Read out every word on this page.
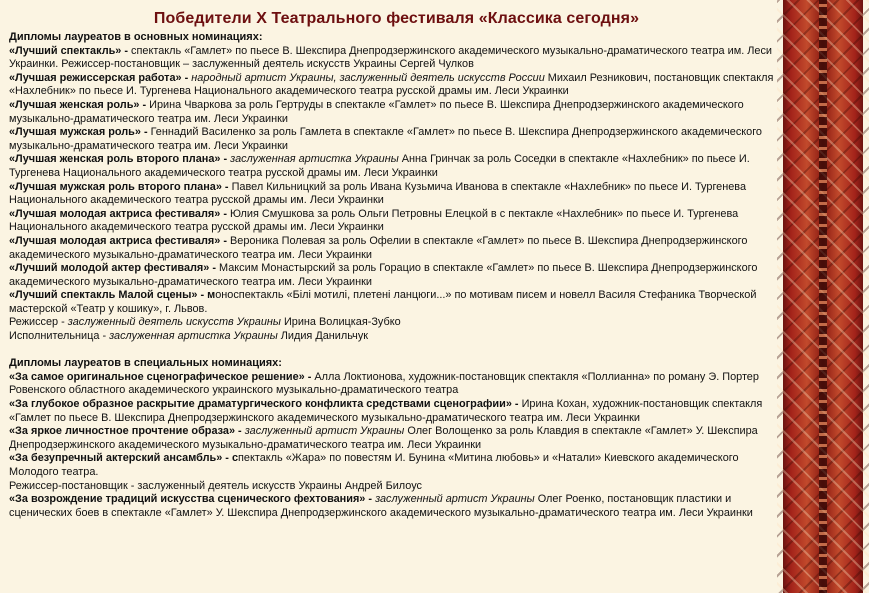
Победители Х Театрального фестиваля «Классика сегодня»
Дипломы лауреатов в основных номинациях:

«Лучший спектакль» - спектакль «Гамлет» по пьесе В. Шекспира Днепродзержинского академического музыкально-драматического театра им. Леси Украинки. Режиссер-постановщик – заслуженный деятель искусств Украины Сергей Чулков

«Лучшая режиссерская работа» - народный артист Украины, заслуженный деятель искусств России Михаил Резникович, постановщик спектакля «Нахлебник» по пьесе И. Тургенева Национального академического театра русской драмы им. Леси Украинки

«Лучшая женская роль» - Ирина Чваркова за роль Гертруды в спектакле «Гамлет» по пьесе В. Шекспира Днепродзержинского академического музыкально-драматического театра им. Леси Украинки

«Лучшая мужская роль» - Геннадий Василенко за роль Гамлета в спектакле «Гамлет» по пьесе В. Шекспира Днепродзержинского академического музыкально-драматического театра им. Леси Украинки

«Лучшая женская роль второго плана» - заслуженная артистка Украины Анна Гринчак за роль Соседки в спектакле «Нахлебник» по пьесе И. Тургенева Национального академического театра русской драмы им. Леси Украинки

«Лучшая мужская роль второго плана» - Павел Кильницкий за роль Ивана Кузьмича Иванова в спектакле «Нахлебник» по пьесе И. Тургенева Национального академического театра русской драмы им. Леси Украинки

«Лучшая молодая актриса фестиваля» - Юлия Смушкова за роль Ольги Петровны Елецкой в с пектакле «Нахлебник» по пьесе И. Тургенева Национального академического театра русской драмы им. Леси Украинки

«Лучшая молодая актриса фестиваля» - Вероника Полевая за роль Офелии в спектакле «Гамлет» по пьесе В. Шекспира Днепродзержинского академического музыкально-драматического театра им. Леси Украинки

«Лучший молодой актер фестиваля» - Максим Монастырский за роль Горацио в спектакле «Гамлет» по пьесе В. Шекспира Днепродзержинского академического музыкально-драматического театра им. Леси Украинки

«Лучший спектакль Малой сцены» - моноспектакль «Білі мотилі, плетені ланцюги...» по мотивам писем и новелл Василя Стефаника Творческой мастерской «Театр у кошику», г. Львов.

Режиссер - заслуженный деятель искусств Украины Ирина Волицкая-Зубко

Исполнительница - заслуженная артистка Украины Лидия Данильчук

Дипломы лауреатов в специальных номинациях:

«За самое оригинальное сценографическое решение» - Алла Локтионова, художник-постановщик спектакля «Поллианна» по роману Э. Портер Ровенского областного академического украинского музыкально-драматического театра

«За глубокое образное раскрытие драматургического конфликта средствами сценографии» - Ирина Кохан, художник-постановщик спектакля «Гамлет по пьесе В. Шекспира Днепродзержинского академического музыкально-драматического театра им. Леси Украинки

«За яркое личностное прочтение образа» - заслуженный артист Украины Олег Волощенко за роль Клавдия в спектакле «Гамлет» У. Шекспира Днепродзержинского академического музыкально-драматического театра им. Леси Украинки

«За безупречный актерский ансамбль» - спектакль «Жара» по повестям И. Бунина «Митина любовь» и «Натали» Киевского академического Молодого театра.

Режиссер-постановщик - заслуженный деятель искусств Украины Андрей Билоус

«За возрождение традиций искусства сценического фехтования» - заслуженный артист Украины Олег Роенко, постановщик пластики и сценических боев в спектакле «Гамлет» У. Шекспира Днепродзержинского академического музыкально-драматического театра им. Леси Украинки
